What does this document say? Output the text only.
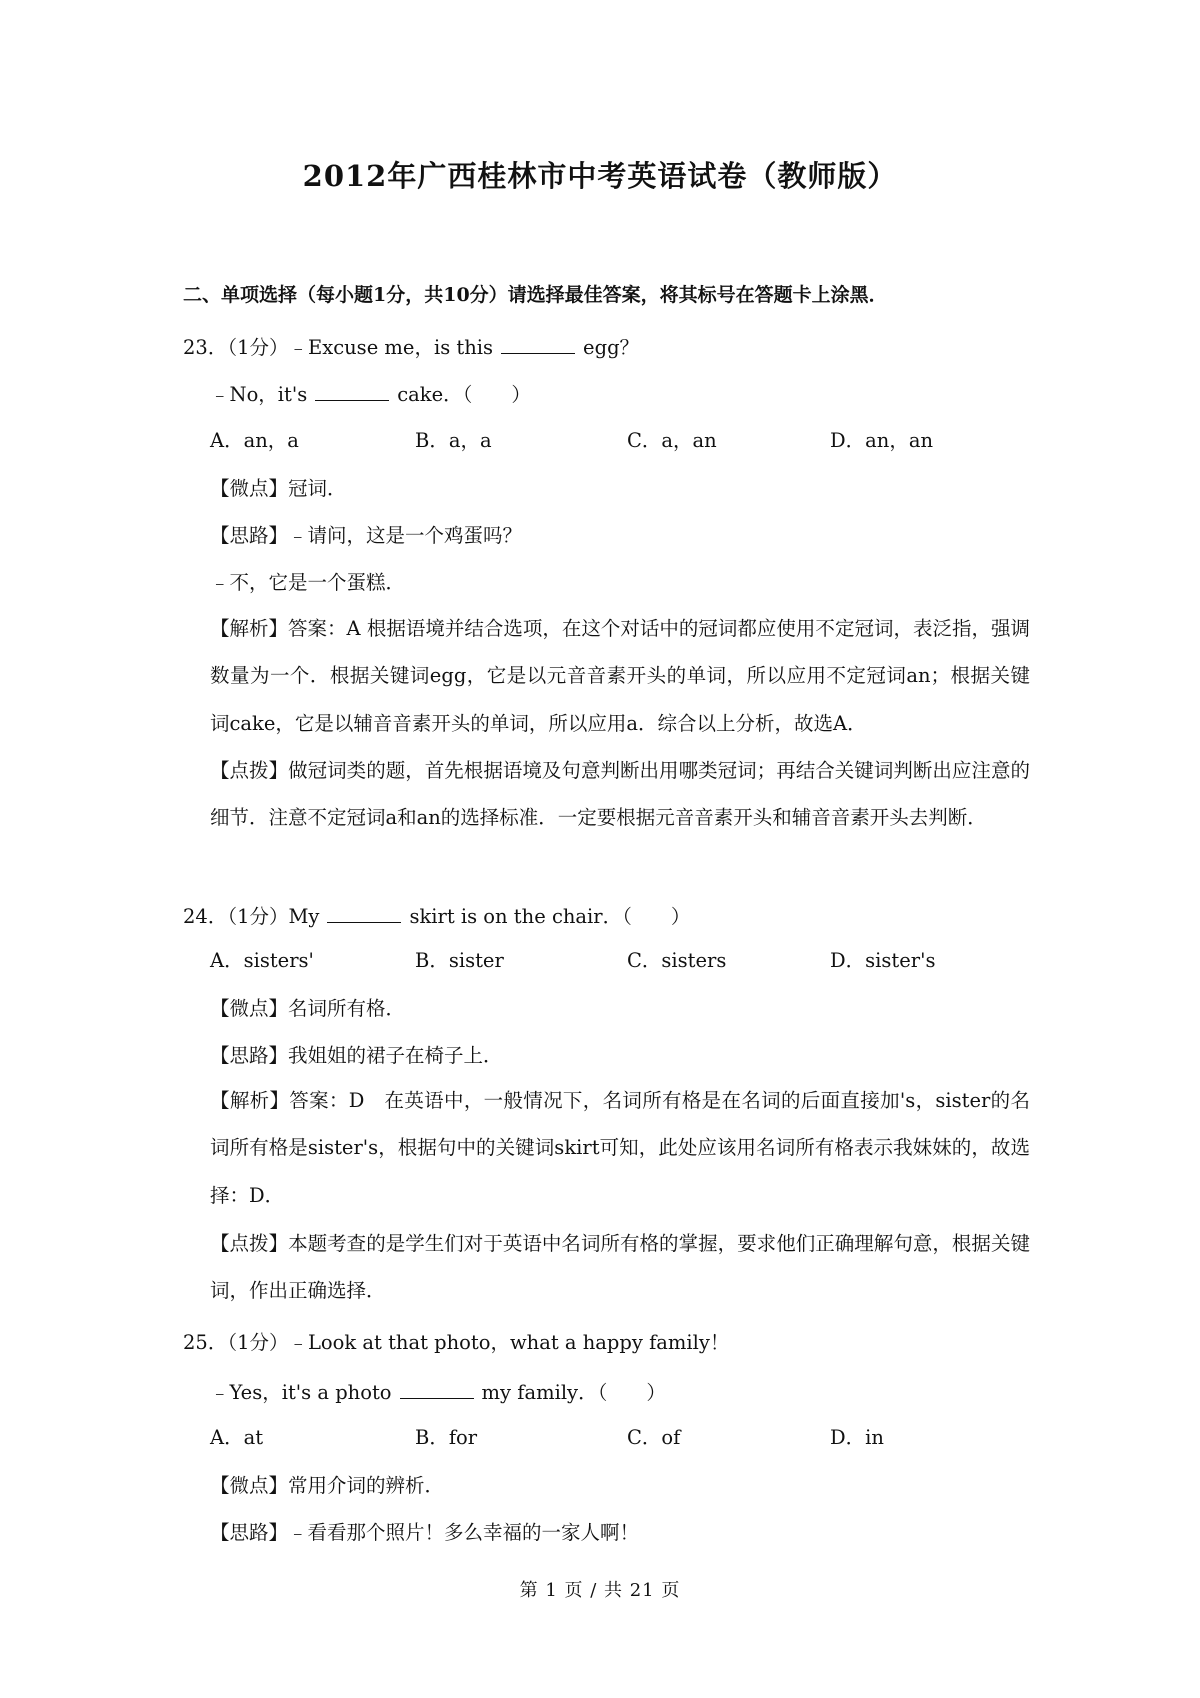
2012年广西桂林市中考英语试卷（教师版）
二、单项选择（每小题1分，共10分）请选择最佳答案，将其标号在答题卡上涂黑．
23．（1分）﹣Excuse me，is this	egg？
﹣No，it's	cake．（　　）
A．an，a	B．a，a	C．a，an	D．an，an
【微点】冠词．
【思路】﹣请问，这是一个鸡蛋吗？
﹣不，它是一个蛋糕．
【解析】答案：A 根据语境并结合选项，在这个对话中的冠词都应使用不定冠词，表泛指，强调数量为一个．根据关键词egg，它是以元音音素开头的单词，所以应用不定冠词an；根据关键词cake，它是以辅音音素开头的单词，所以应用a．综合以上分析，故选A．
【点拨】做冠词类的题，首先根据语境及句意判断出用哪类冠词；再结合关键词判断出应注意的细节．注意不定冠词a和an的选择标准．一定要根据元音音素开头和辅音音素开头去判断．
24．（1分）My	skirt is on the chair．（　　）
A．sisters'	B．sister	C．sisters	D．sister's
【微点】名词所有格．
【思路】我姐姐的裙子在椅子上．
【解析】答案：D　在英语中，一般情况下，名词所有格是在名词的后面直接加's，sister的名词所有格是sister's，根据句中的关键词skirt可知，此处应该用名词所有格表示我妹妹的，故选择：D．
【点拨】本题考查的是学生们对于英语中名词所有格的掌握，要求他们正确理解句意，根据关键词，作出正确选择．
25．（1分）﹣Look at that photo，what a happy family！
﹣Yes，it's a photo	my family．（　　）
A．at	B．for	C．of	D．in
【微点】常用介词的辨析．
【思路】﹣看看那个照片！多么幸福的一家人啊！
第 1 页 / 共 21 页
